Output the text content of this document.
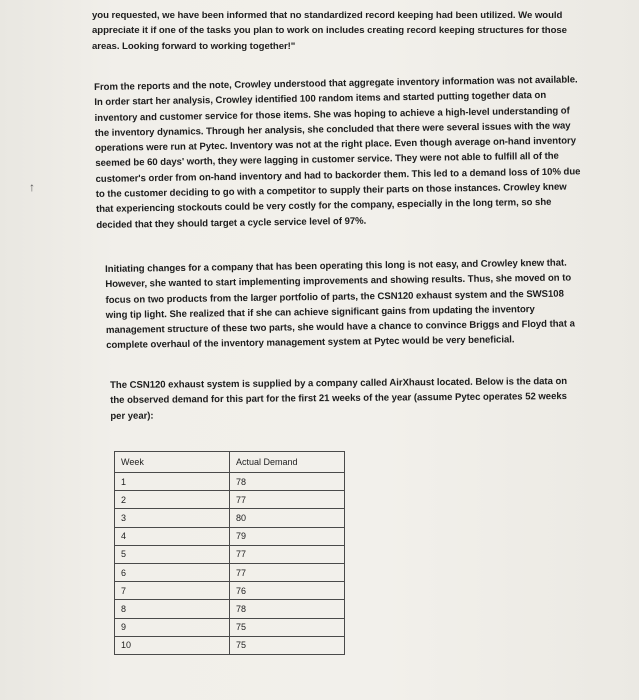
you requested, we have been informed that no standardized record keeping had been utilized. We would appreciate it if one of the tasks you plan to work on includes creating record keeping structures for those areas. Looking forward to working together!"

From the reports and the note, Crowley understood that aggregate inventory information was not available. In order start her analysis, Crowley identified 100 random items and started putting together data on inventory and customer service for those items. She was hoping to achieve a high-level understanding of the inventory dynamics. Through her analysis, she concluded that there were several issues with the way operations were run at Pytec. Inventory was not at the right place. Even though average on-hand inventory seemed be 60 days' worth, they were lagging in customer service. They were not able to fulfill all of the customer's order from on-hand inventory and had to backorder them. This led to a demand loss of 10% due to the customer deciding to go with a competitor to supply their parts on those instances. Crowley knew that experiencing stockouts could be very costly for the company, especially in the long term, so she decided that they should target a cycle service level of 97%.

Initiating changes for a company that has been operating this long is not easy, and Crowley knew that. However, she wanted to start implementing improvements and showing results. Thus, she moved on to focus on two products from the larger portfolio of parts, the CSN120 exhaust system and the SWS108 wing tip light. She realized that if she can achieve significant gains from updating the inventory management structure of these two parts, she would have a chance to convince Briggs and Floyd that a complete overhaul of the inventory management system at Pytec would be very beneficial.

The CSN120 exhaust system is supplied by a company called AirXhaust located. Below is the data on the observed demand for this part for the first 21 weeks of the year (assume Pytec operates 52 weeks per year):

Week	Actual Demand
1	78
2	77
3	80
4	79
5	77
6	77
7	76
8	78
9	75
10	75
↑
